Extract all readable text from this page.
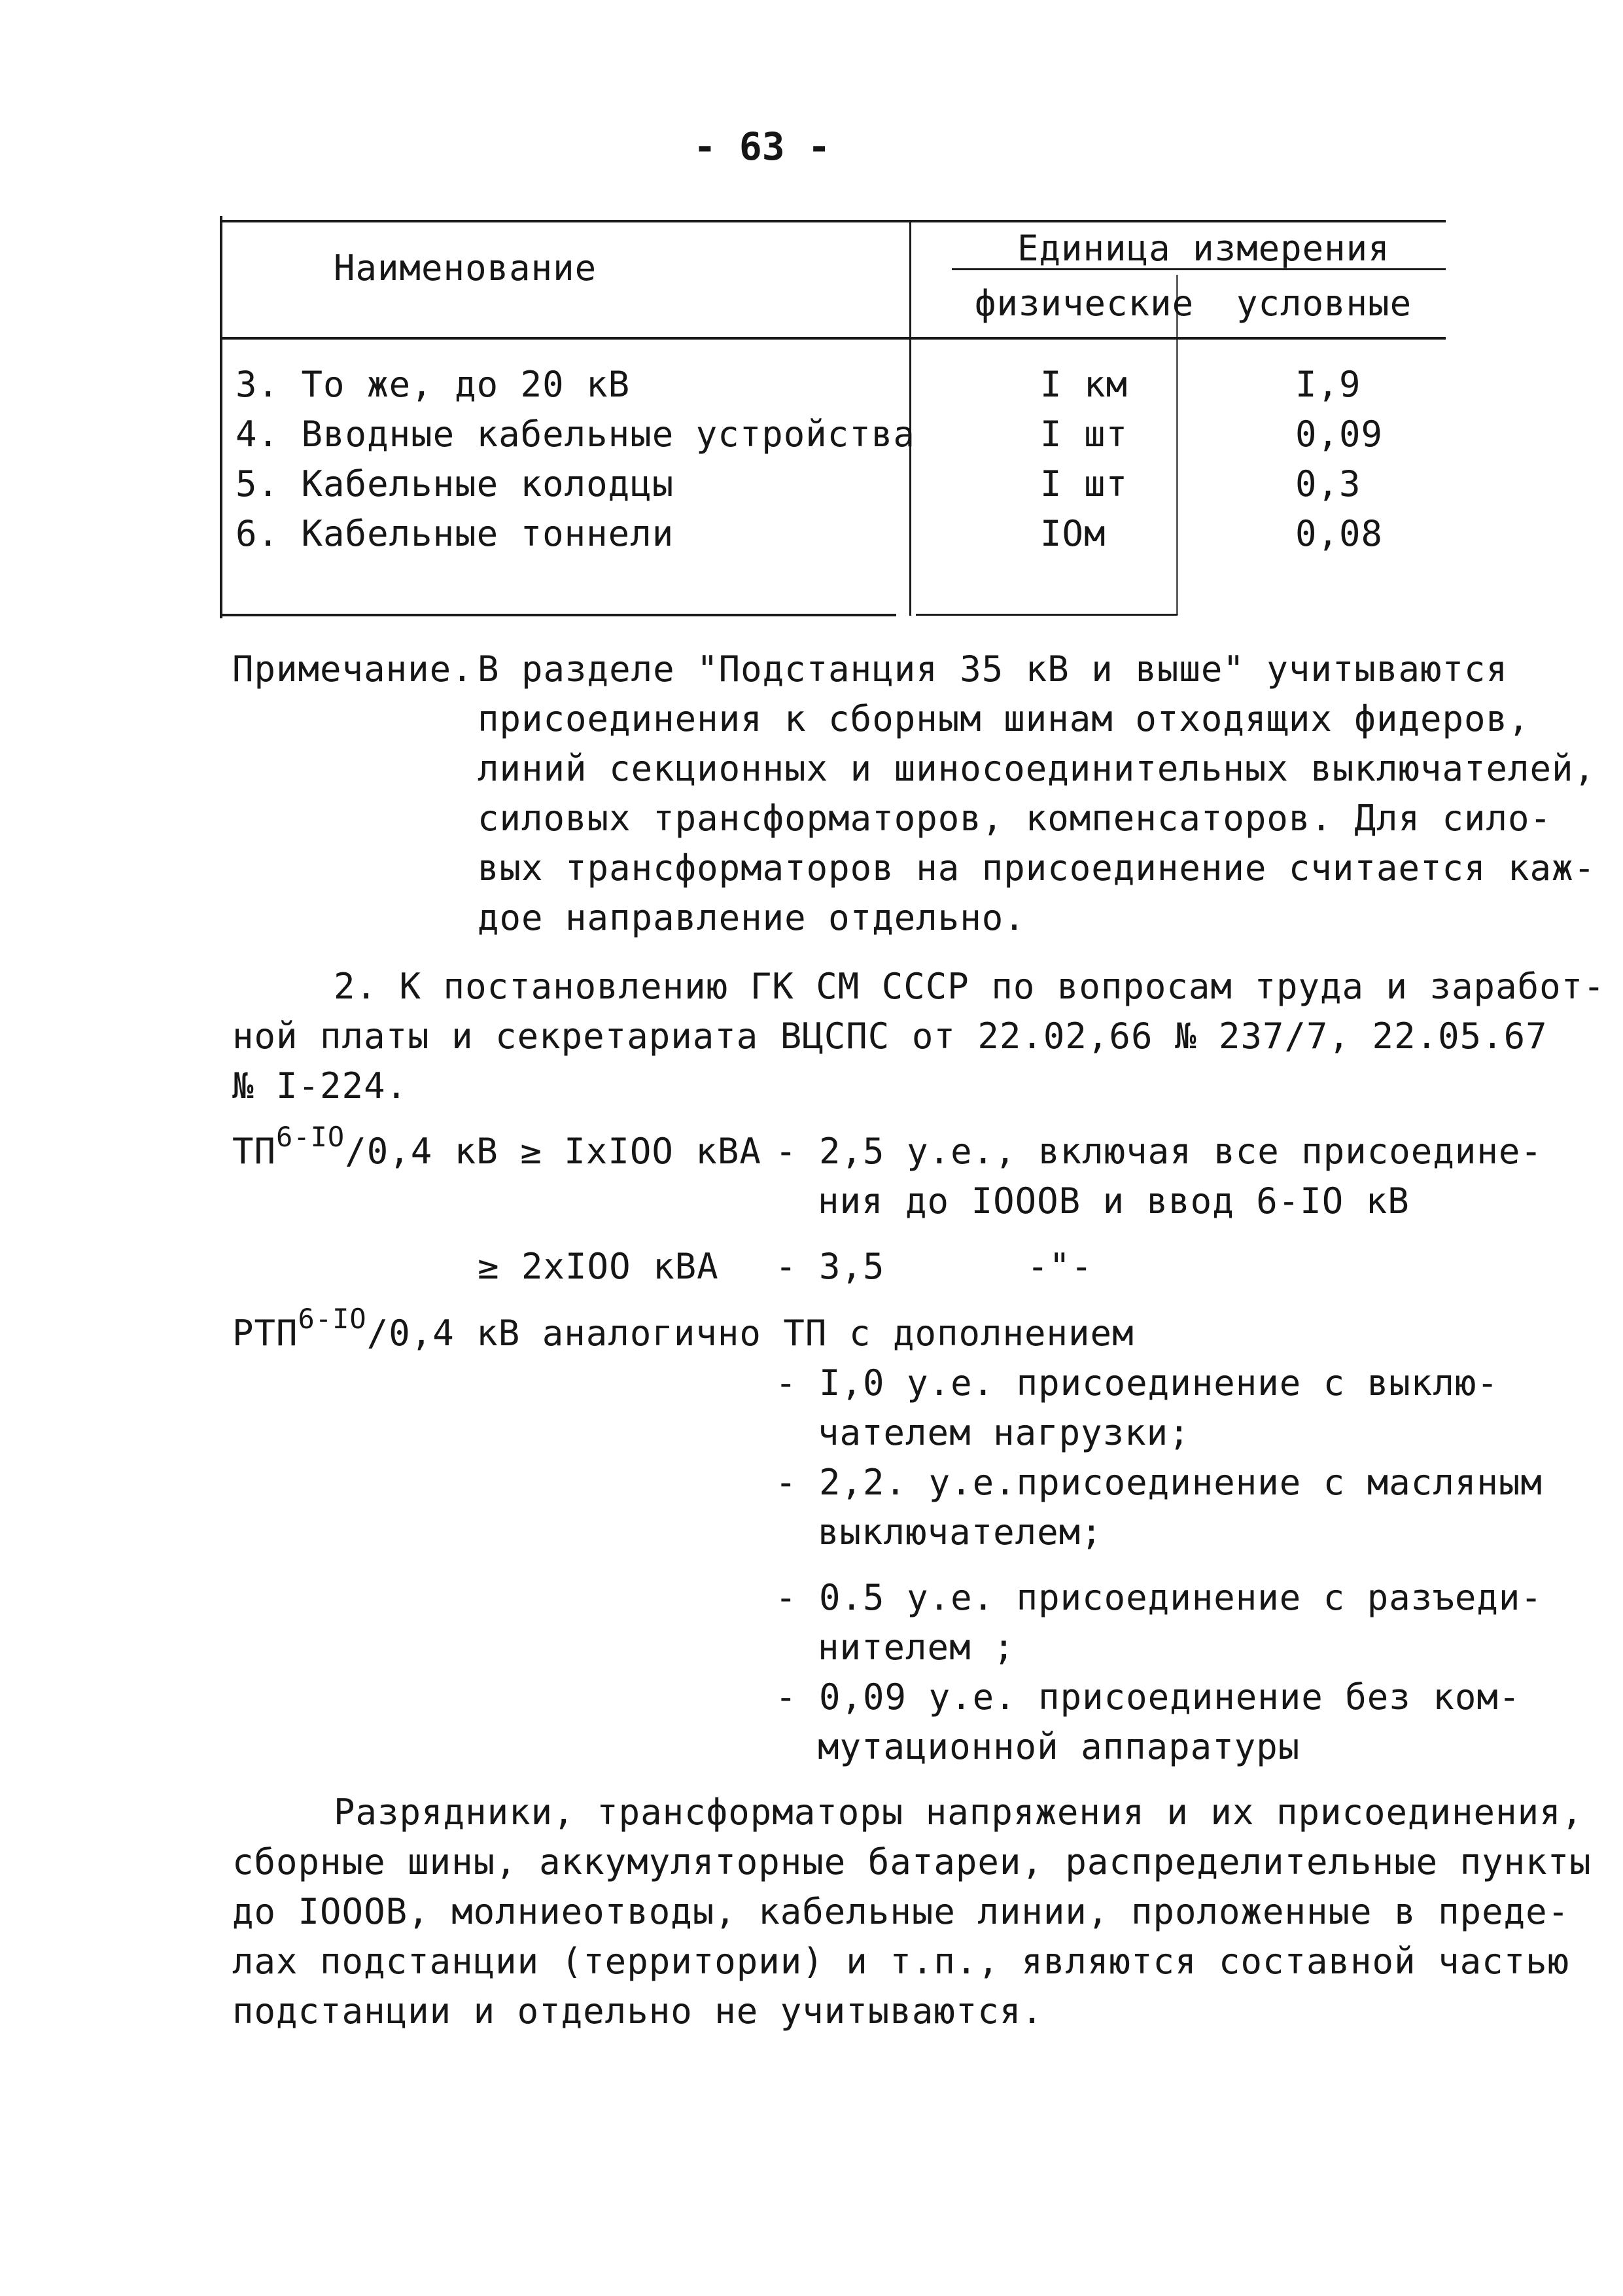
- 63 -
Наименование	Единица измерения
физические условные
3. То же, до 20 кВ	I км	I,9
4. Вводные кабельные устройства	I шт	0,09
5. Кабельные колодцы	I шт	0,3
6. Кабельные тоннели	IOм	0,08
Примечание. В разделе "Подстанция 35 кВ и выше" учитываются
присоединения к сборным шинам отходящих фидеров,
линий секционных и шиносоединительных выключателей,
силовых трансформаторов, компенсаторов. Для сило-
вых трансформаторов на присоединение считается каж-
дое направление отдельно.
2. К постановлению ГК СМ СССР по вопросам труда и заработ-
ной платы и секретариата ВЦСПС от 22.02,66 № 237/7, 22.05.67
№ I-224.
$ТП^{6-IO}/0,4$ кВ ≥ IxIOO кВА - 2,5 у.е., включая все присоедине-
ния до IOOOВ и ввод 6-IO кВ
≥ 2xIOO кВА - 3,5	-"-
$РТП^{6-IO}/0,4$ кВ аналогично ТП с дополнением
- I,0 у.е. присоединение с выклю-
чателем нагрузки;
- 2,2. у.е.присоединение с масляным
выключателем;
- 0.5 у.е. присоединение с разъеди-
нителем ;
- 0,09 у.е. присоединение без ком-
мутационной аппаратуры
Разрядники, трансформаторы напряжения и их присоединения,
сборные шины, аккумуляторные батареи, распределительные пункты
до IOOOВ, молниеотводы, кабельные линии, проложенные в преде-
лах подстанции (территории) и т.п., являются составной частью
подстанции и отдельно не учитываются.
